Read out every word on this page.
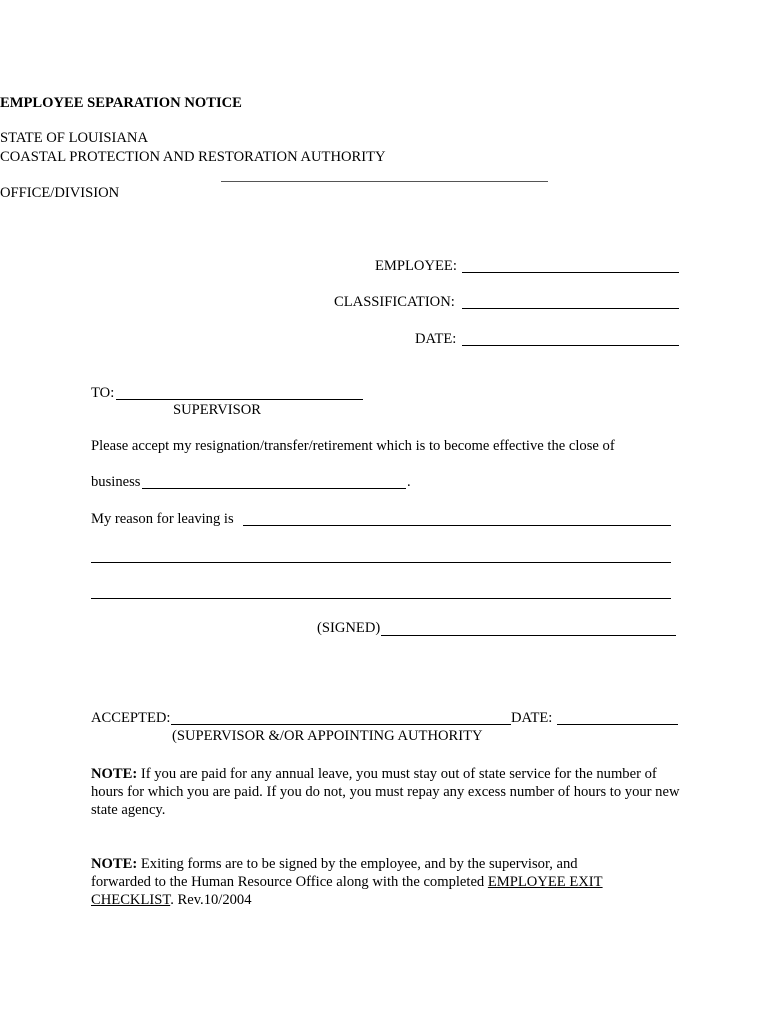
EMPLOYEE SEPARATION NOTICE
STATE OF LOUISIANA
COASTAL PROTECTION AND RESTORATION AUTHORITY
OFFICE/DIVISION
EMPLOYEE:
CLASSIFICATION:
DATE:
TO:
SUPERVISOR
Please accept my resignation/transfer/retirement which is to become effective the close of
business	.
My reason for leaving is
(SIGNED)
ACCEPTED:	DATE:
(SUPERVISOR &/OR APPOINTING AUTHORITY
NOTE: If you are paid for any annual leave, you must stay out of state service for the number of hours for which you are paid. If you do not, you must repay any excess number of hours to your new state agency.
NOTE: Exiting forms are to be signed by the employee, and by the supervisor, and forwarded to the Human Resource Office along with the completed EMPLOYEE EXIT CHECKLIST. Rev.10/2004
